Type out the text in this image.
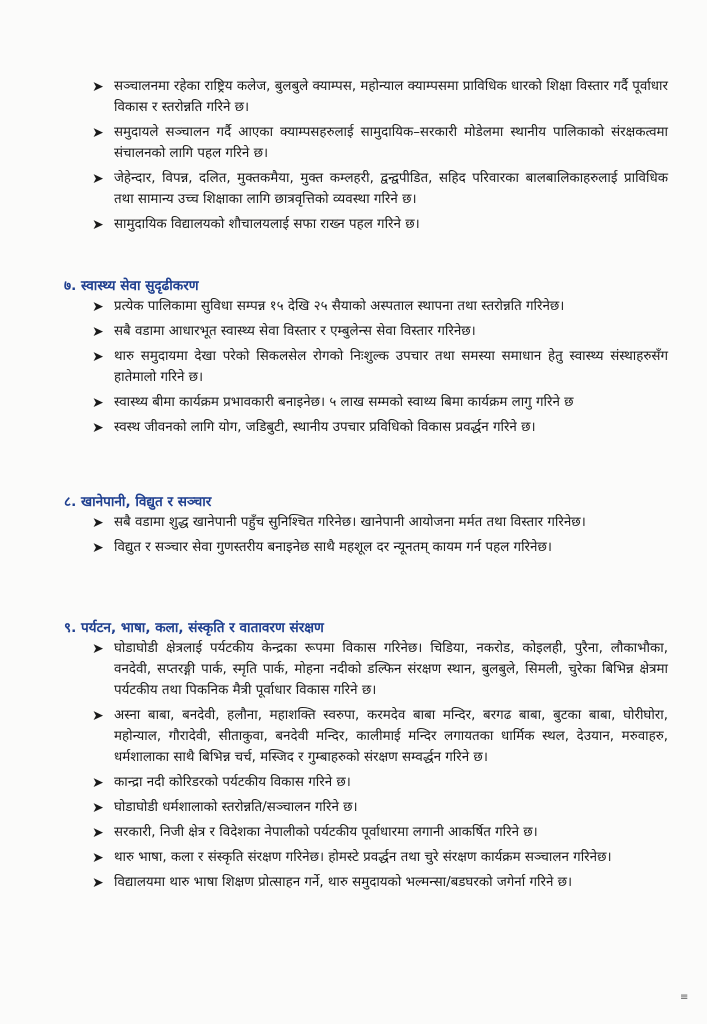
➤ सञ्चालनमा रहेका राष्ट्रिय कलेज, बुलबुले क्याम्पस, महोन्याल क्याम्पसमा प्राविधिक धारको शिक्षा विस्तार गर्दै पूर्वाधार विकास र स्तरोन्नति गरिने छ।
➤ समुदायले सञ्चालन गर्दै आएका क्याम्पसहरुलाई सामुदायिक–सरकारी मोडेलमा स्थानीय पालिकाको संरक्षकत्वमा संचालनको लागि पहल गरिने छ।
➤ जेहेन्दार, विपन्न, दलित, मुक्तकमैया, मुक्त कम्लहरी, द्वन्द्वपीडित, सहिद परिवारका बालबालिकाहरुलाई प्राविधिक तथा सामान्य उच्च शिक्षाका लागि छात्रवृत्तिको व्यवस्था गरिने छ।
➤ सामुदायिक विद्यालयको शौचालयलाई सफा राख्न पहल गरिने छ।
७. स्वास्थ्य सेवा सुदृढीकरण
➤ प्रत्येक पालिकामा सुविधा सम्पन्न १५ देखि २५ सैयाको अस्पताल स्थापना तथा स्तरोन्नति गरिनेछ।
➤ सबै वडामा आधारभूत स्वास्थ्य सेवा विस्तार र एम्बुलेन्स सेवा विस्तार गरिनेछ।
➤ थारु समुदायमा देखा परेको सिकलसेल रोगको निःशुल्क उपचार तथा समस्या समाधान हेतु स्वास्थ्य संस्थाहरुसँग हातेमालो गरिने छ।
➤ स्वास्थ्य बीमा कार्यक्रम प्रभावकारी बनाइनेछ। ५ लाख सम्मको स्वाथ्य बिमा कार्यक्रम लागु गरिने छ
➤ स्वस्थ जीवनको लागि योग, जडिबुटी, स्थानीय उपचार प्रविधिको विकास प्रवर्द्धन गरिने छ।
८. खानेपानी, विद्युत र सञ्चार
➤ सबै वडामा शुद्ध खानेपानी पहुँच सुनिश्चित गरिनेछ। खानेपानी आयोजना मर्मत तथा विस्तार गरिनेछ।
➤ विद्युत र सञ्चार सेवा गुणस्तरीय बनाइनेछ साथै महशूल दर न्यूनतम् कायम गर्न पहल गरिनेछ।
९. पर्यटन, भाषा, कला, संस्कृति र वातावरण संरक्षण
➤ घोडाघोडी क्षेत्रलाई पर्यटकीय केन्द्रका रूपमा विकास गरिनेछ। चिडिया, नकरोड, कोइलही, पुरैना, लौकाभौका, वनदेवी, सप्तरङ्गी पार्क, स्मृति पार्क, मोहना नदीको डल्फिन संरक्षण स्थान, बुलबुले, सिमली, चुरेका बिभिन्न क्षेत्रमा पर्यटकीय तथा पिकनिक मैत्री पूर्वाधार विकास गरिने छ।
➤ अस्ना बाबा, बनदेवी, हलौना, महाशक्ति स्वरुपा, करमदेव बाबा मन्दिर, बरगढ बाबा, बुटका बाबा, घोरीघोरा, महोन्याल, गौरादेवी, सीताकुवा, बनदेवी मन्दिर, कालीमाई मन्दिर लगायतका धार्मिक स्थल, देउयान, मरुवाहरु, धर्मशालाका साथै बिभिन्न चर्च, मस्जिद र गुम्बाहरुको संरक्षण सम्वर्द्धन गरिने छ।
➤ कान्द्रा नदी कोरिडरको पर्यटकीय विकास गरिने छ।
➤ घोडाघोडी धर्मशालाको स्तरोन्नति/सञ्चालन गरिने छ।
➤ सरकारी, निजी क्षेत्र र विदेशका नेपालीको पर्यटकीय पूर्वाधारमा लगानी आकर्षित गरिने छ।
➤ थारु भाषा, कला र संस्कृति संरक्षण गरिनेछ। होमस्टे प्रवर्द्धन तथा चुरे संरक्षण कार्यक्रम सञ्चालन गरिनेछ।
➤ विद्यालयमा थारु भाषा शिक्षण प्रोत्साहन गर्ने, थारु समुदायको भल्मन्सा/बडघरको जगेर्ना गरिने छ।
≡
